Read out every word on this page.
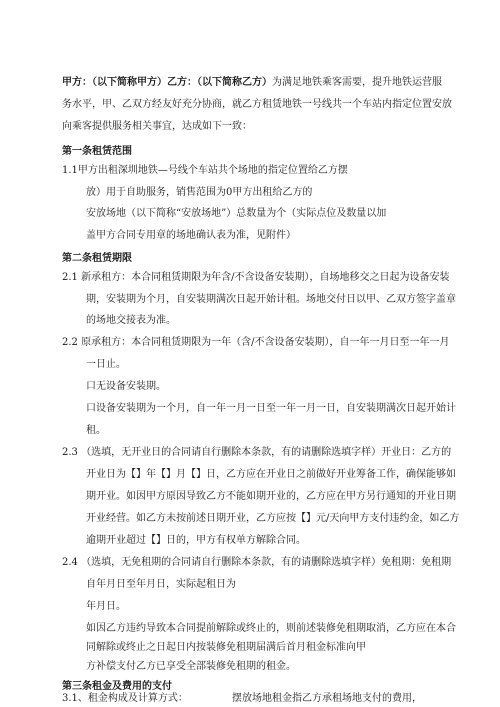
甲方：（以下简称甲方）乙方：（以下简称乙方）为满足地铁乘客需要，提升地铁运营服
务水平，甲、乙双方经友好充分协商，就乙方租赁地铁一号线共一个车站内指定位置安放
向乘客提供服务相关事宜，达成如下一致：
第一条租赁范围
1.1甲方出租深圳地铁—号线个车站共个场地的指定位置给乙方摆
放）用于自助服务，销售范围为0甲方出租给乙方的
安放场地（以下简称“安放场地”）总数量为个（实际点位及数量以加
盖甲方合同专用章的场地确认表为准，见附件）
第二条租赁期限
2.1 新承租方：本合同租赁期限为年含/不含设备安装期），自场地移交之日起为设备安装
期，安装期为个月，自安装期满次日起开始计租。场地交付日以甲、乙双方签字盖章
的场地交接表为准。
2.2 原承租方：本合同租赁期限为一年（含/不含设备安装期），自一年一月日至一年一月
一日止。
口无设备安装期。
口设备安装期为一个月，自一年一月一日至一年一月一日，自安装期满次日起开始计
租。
2.3 （选填，无开业日的合同请自行删除本条款，有的请删除选填字样）开业日：乙方的
开业日为【】年【】月【】日，乙方应在开业日之前做好开业筹备工作，确保能够如
期开业。如因甲方原因导致乙方不能如期开业的，乙方应在甲方另行通知的开业日期
开业经营。如乙方未按前述日期开业，乙方应按【】元/天向甲方支付违约金，如乙方
逾期开业超过【】日的，甲方有权单方解除合同。
2.4 （选填，无免租期的合同请自行删除本条款，有的请删除选填字样）免租期：免租期
自年月日至年月日，实际起租日为
年月日。
如因乙方违约导致本合同提前解除或终止的，则前述装修免租期取消，乙方应在本合
同解除或终止之日起日内按装修免租期届满后首月租金标准向甲
方补偿支付乙方已享受全部装修免租期的租金。
第三条租金及费用的支付
3.1、租金构成及计算方式：	摆放场地租金指乙方承租场地支付的费用，
